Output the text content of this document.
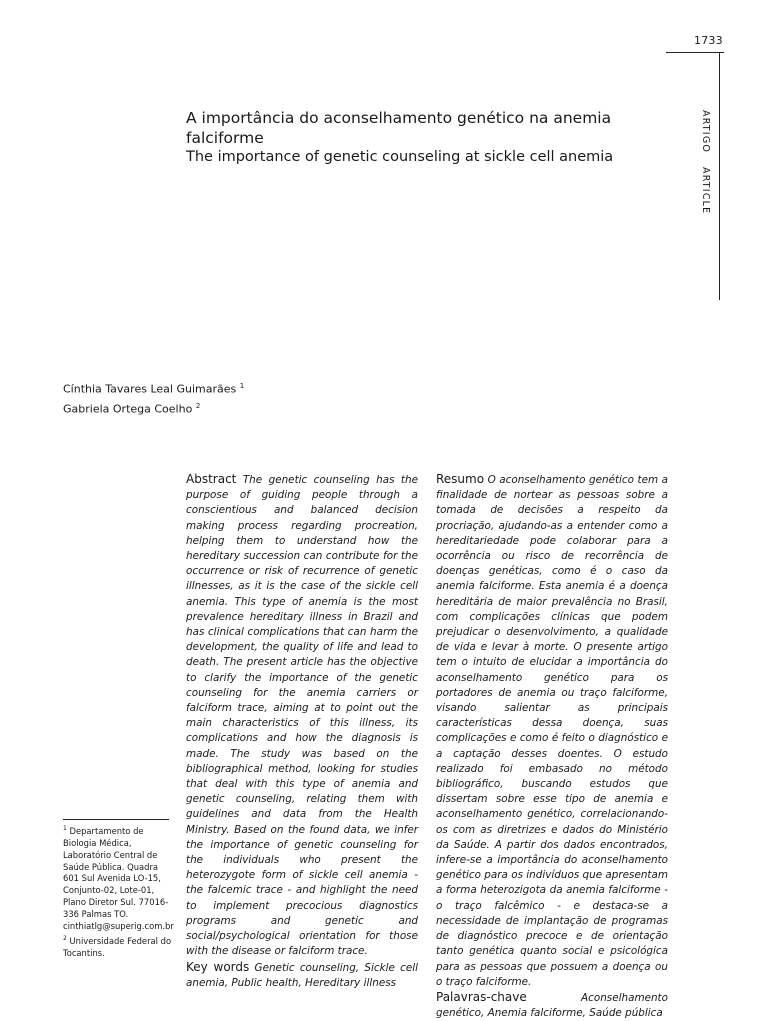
1733
ARTIGO ARTICLE
A importância do aconselhamento genético na anemia falciforme
The importance of genetic counseling at sickle cell anemia
Cínthia Tavares Leal Guimarães $^1$
Gabriela Ortega Coelho $^2$

$^1$ Departamento de Biologia Médica, Laboratório Central de Saúde Pública. Quadra 601 Sul Avenida LO-15, Conjunto-02, Lote-01, Plano Diretor Sul. 77016-336 Palmas TO. cinthiatlg@superig.com.br

$^2$ Universidade Federal do Tocantins.

Abstract The genetic counseling has the purpose of guiding people through a conscientious and balanced decision making process regarding procreation, helping them to understand how the hereditary succession can contribute for the occurrence or risk of recurrence of genetic illnesses, as it is the case of the sickle cell anemia. This type of anemia is the most prevalence hereditary illness in Brazil and has clinical complications that can harm the development, the quality of life and lead to death. The present article has the objective to clarify the importance of the genetic counseling for the anemia carriers or falciform trace, aiming at to point out the main characteristics of this illness, its complications and how the diagnosis is made. The study was based on the bibliographical method, looking for studies that deal with this type of anemia and genetic counseling, relating them with guidelines and data from the Health Ministry. Based on the found data, we infer the importance of genetic counseling for the individuals who present the heterozygote form of sickle cell anemia - the falcemic trace - and highlight the need to implement precocious diagnostics programs and genetic and social/psychological orientation for those with the disease or falciform trace.

Key words Genetic counseling, Sickle cell anemia, Public health, Hereditary illness

Resumo O aconselhamento genético tem a finalidade de nortear as pessoas sobre a tomada de decisões a respeito da procriação, ajudando-as a entender como a hereditariedade pode colaborar para a ocorrência ou risco de recorrência de doenças genéticas, como é o caso da anemia falciforme. Esta anemia é a doença hereditária de maior prevalência no Brasil, com complicações clínicas que podem prejudicar o desenvolvimento, a qualidade de vida e levar à morte. O presente artigo tem o intuito de elucidar a importância do aconselhamento genético para os portadores de anemia ou traço falciforme, visando salientar as principais características dessa doença, suas complicações e como é feito o diagnóstico e a captação desses doentes. O estudo realizado foi embasado no método bibliográfico, buscando estudos que dissertam sobre esse tipo de anemia e aconselhamento genético, correlacionando-os com as diretrizes e dados do Ministério da Saúde. A partir dos dados encontrados, infere-se a importância do aconselhamento genético para os indivíduos que apresentam a forma heterozigota da anemia falciforme - o traço falcêmico - e destaca-se a necessidade de implantação de programas de diagnóstico precoce e de orientação tanto genética quanto social e psicológica para as pessoas que possuem a doença ou o traço falciforme.

Palavras-chave	Aconselhamento genético, Anemia falciforme, Saúde pública
